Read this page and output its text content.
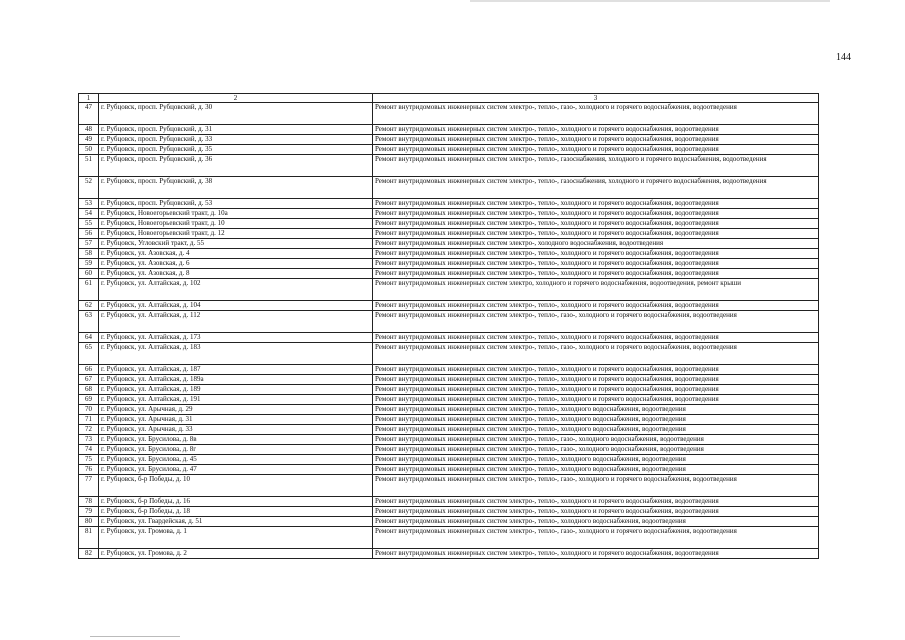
144
1	2	3
47	г. Рубцовск, просп. Рубцовский, д. 30	Ремонт внутридомовых инженерных систем электро-, тепло-, газо-, холодного и горячего водоснабжения, водоотведения
48	г. Рубцовск, просп. Рубцовский, д. 31	Ремонт внутридомовых инженерных систем электро-, тепло-, холодного и горячего водоснабжения, водоотведения
49	г. Рубцовск, просп. Рубцовский, д. 33	Ремонт внутридомовых инженерных систем электро-, тепло-, холодного и горячего водоснабжения, водоотведения
50	г. Рубцовск, просп. Рубцовский, д. 35	Ремонт внутридомовых инженерных систем электро-, тепло-, холодного и горячего водоснабжения, водоотведения
51	г. Рубцовск, просп. Рубцовский, д. 36	Ремонт внутридомовых инженерных систем электро-, тепло-, газоснабжения, холодного и горячего водоснабжения, водоотведения
52	г. Рубцовск, просп. Рубцовский, д. 38	Ремонт внутридомовых инженерных систем электро-, тепло-, газоснабжения, холодного и горячего водоснабжения, водоотведения
53	г. Рубцовск, просп. Рубцовский, д. 53	Ремонт внутридомовых инженерных систем электро-, тепло-, холодного и горячего водоснабжения, водоотведения
54	г. Рубцовск, Новоегорьевский тракт, д. 10а	Ремонт внутридомовых инженерных систем электро-, тепло-, холодного и горячего водоснабжения, водоотведения
55	г. Рубцовск, Новоегорьевский тракт, д. 10	Ремонт внутридомовых инженерных систем электро-, тепло-, холодного и горячего водоснабжения, водоотведения
56	г. Рубцовск, Новоегорьевский тракт, д. 12	Ремонт внутридомовых инженерных систем электро-, тепло-, холодного и горячего водоснабжения, водоотведения
57	г. Рубцовск, Угловский тракт, д. 55	Ремонт внутридомовых инженерных систем электро-, холодного водоснабжения, водоотведения
58	г. Рубцовск, ул. Азовская, д. 4	Ремонт внутридомовых инженерных систем электро-, тепло-, холодного и горячего водоснабжения, водоотведения
59	г. Рубцовск, ул. Азовская, д. 6	Ремонт внутридомовых инженерных систем электро-, тепло-, холодного и горячего водоснабжения, водоотведения
60	г. Рубцовск, ул. Азовская, д. 8	Ремонт внутридомовых инженерных систем электро-, тепло-, холодного и горячего водоснабжения, водоотведения
61	г. Рубцовск, ул. Алтайская, д. 102	Ремонт внутридомовых инженерных систем электро, холодного и горячего водоснабжения, водоотведения, ремонт крыши
62	г. Рубцовск, ул. Алтайская, д. 104	Ремонт внутридомовых инженерных систем электро-, тепло-, холодного и горячего водоснабжения, водоотведения
63	г. Рубцовск, ул. Алтайская, д. 112	Ремонт внутридомовых инженерных систем электро-, тепло-, газо-, холодного и горячего водоснабжения, водоотведения
64	г. Рубцовск, ул. Алтайская, д. 173	Ремонт внутридомовых инженерных систем электро-, тепло-, холодного и горячего водоснабжения, водоотведения
65	г. Рубцовск, ул. Алтайская, д. 183	Ремонт внутридомовых инженерных систем электро-, тепло-, газо-, холодного и горячего водоснабжения, водоотведения
66	г. Рубцовск, ул. Алтайская, д. 187	Ремонт внутридомовых инженерных систем электро-, тепло-, холодного и горячего водоснабжения, водоотведения
67	г. Рубцовск, ул. Алтайская, д. 189а	Ремонт внутридомовых инженерных систем электро-, тепло-, холодного и горячего водоснабжения, водоотведения
68	г. Рубцовск, ул. Алтайская, д. 189	Ремонт внутридомовых инженерных систем электро-, тепло-, холодного и горячего водоснабжения, водоотведения
69	г. Рубцовск, ул. Алтайская, д. 191	Ремонт внутридомовых инженерных систем электро-, тепло-, холодного и горячего водоснабжения, водоотведения
70	г. Рубцовск, ул. Арычная, д. 29	Ремонт внутридомовых инженерных систем электро-, тепло-, холодного водоснабжения, водоотведения
71	г. Рубцовск, ул. Арычная, д. 31	Ремонт внутридомовых инженерных систем электро-, тепло-, холодного водоснабжения, водоотведения
72	г. Рубцовск, ул. Арычная, д. 33	Ремонт внутридомовых инженерных систем электро-, тепло-, холодного водоснабжения, водоотведения
73	г. Рубцовск, ул. Брусилова, д. 8в	Ремонт внутридомовых инженерных систем электро-, тепло-, газо-, холодного водоснабжения, водоотведения
74	г. Рубцовск, ул. Брусилова, д. 8г	Ремонт внутридомовых инженерных систем электро-, тепло-, газо-, холодного водоснабжения, водоотведения
75	г. Рубцовск, ул. Брусилова, д. 45	Ремонт внутридомовых инженерных систем электро-, тепло-, холодного водоснабжения, водоотведения
76	г. Рубцовск, ул. Брусилова, д. 47	Ремонт внутридомовых инженерных систем электро-, тепло-, холодного водоснабжения, водоотведения
77	г. Рубцовск, б-р Победы, д. 10	Ремонт внутридомовых инженерных систем электро-, тепло-, газо-, холодного и горячего водоснабжения, водоотведения
78	г. Рубцовск, б-р Победы, д. 16	Ремонт внутридомовых инженерных систем электро-, тепло-, холодного и горячего водоснабжения, водоотведения
79	г. Рубцовск, б-р Победы, д. 18	Ремонт внутридомовых инженерных систем электро-, тепло-, холодного и горячего водоснабжения, водоотведения
80	г. Рубцовск, ул. Гвардейская, д. 51	Ремонт внутридомовых инженерных систем электро-, тепло-, холодного водоснабжения, водоотведения
81	г. Рубцовск, ул. Громова, д. 1	Ремонт внутридомовых инженерных систем электро-, тепло-, газо-, холодного и горячего водоснабжения, водоотведения
82	г. Рубцовск, ул. Громова, д. 2	Ремонт внутридомовых инженерных систем электро-, тепло-, холодного и горячего водоснабжения, водоотведения
